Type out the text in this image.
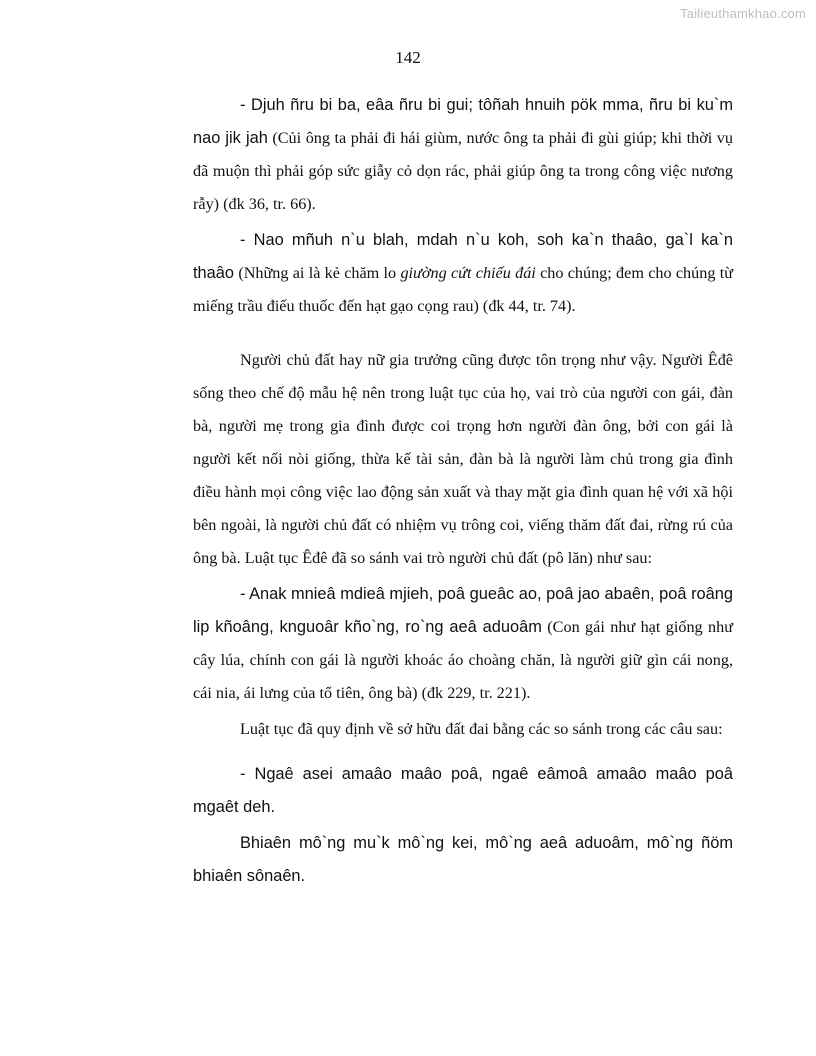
Tailieuthamkhao.com
142

- Djuh ñru bi ba, eâa ñru bi gui; tôñah hnuih pök mma, ñru bi ku`m nao jik jah (Củi ông ta phải đi hái giùm, nước ông ta phải đi gùi giúp; khi thời vụ đã muộn thì phải góp sức giẫy cỏ dọn rác, phải giúp ông ta trong công việc nương rẫy) (đk 36, tr. 66).

- Nao mñuh n`u blah, mdah n`u koh, soh ka`n thaâo, ga`l ka`n thaâo (Những ai là kẻ chăm lo giường cứt chiếu đái cho chúng; đem cho chúng từ miếng trầu điếu thuốc đến hạt gạo cọng rau) (đk 44, tr. 74).

Người chủ đất hay nữ gia trưởng cũng được tôn trọng như vậy. Người Êđê sống theo chế độ mẫu hệ nên trong luật tục của họ, vai trò của người con gái, đàn bà, người mẹ trong gia đình được coi trọng hơn người đàn ông, bởi con gái là người kết nối nòi giống, thừa kế tài sản, đàn bà là người làm chủ trong gia đình điều hành mọi công việc lao động sản xuất và thay mặt gia đình quan hệ với xã hội bên ngoài, là người chủ đất có nhiệm vụ trông coi, viếng thăm đất đai, rừng rú của ông bà. Luật tục Êđê đã so sánh vai trò người chủ đất (pô lăn) như sau:

- Anak mnieâ mdieâ mjieh, poâ gueâc ao, poâ jao abaên, poâ roâng lip kñoâng, knguoâr kño`ng, ro`ng aeâ aduoâm (Con gái như hạt giống như cây lúa, chính con gái là người khoác áo choàng chăn, là người giữ gìn cái nong, cái nia, ái lưng của tổ tiên, ông bà) (đk 229, tr. 221).

Luật tục đã quy định về sở hữu đất đai bằng các so sánh trong các câu sau:

- Ngaê asei amaâo maâo poâ, ngaê eâmoâ amaâo maâo poâ mgaêt deh.

Bhiaên mô`ng mu`k mô`ng kei, mô`ng aeâ aduoâm, mô`ng ñöm bhiaên sônaên.
